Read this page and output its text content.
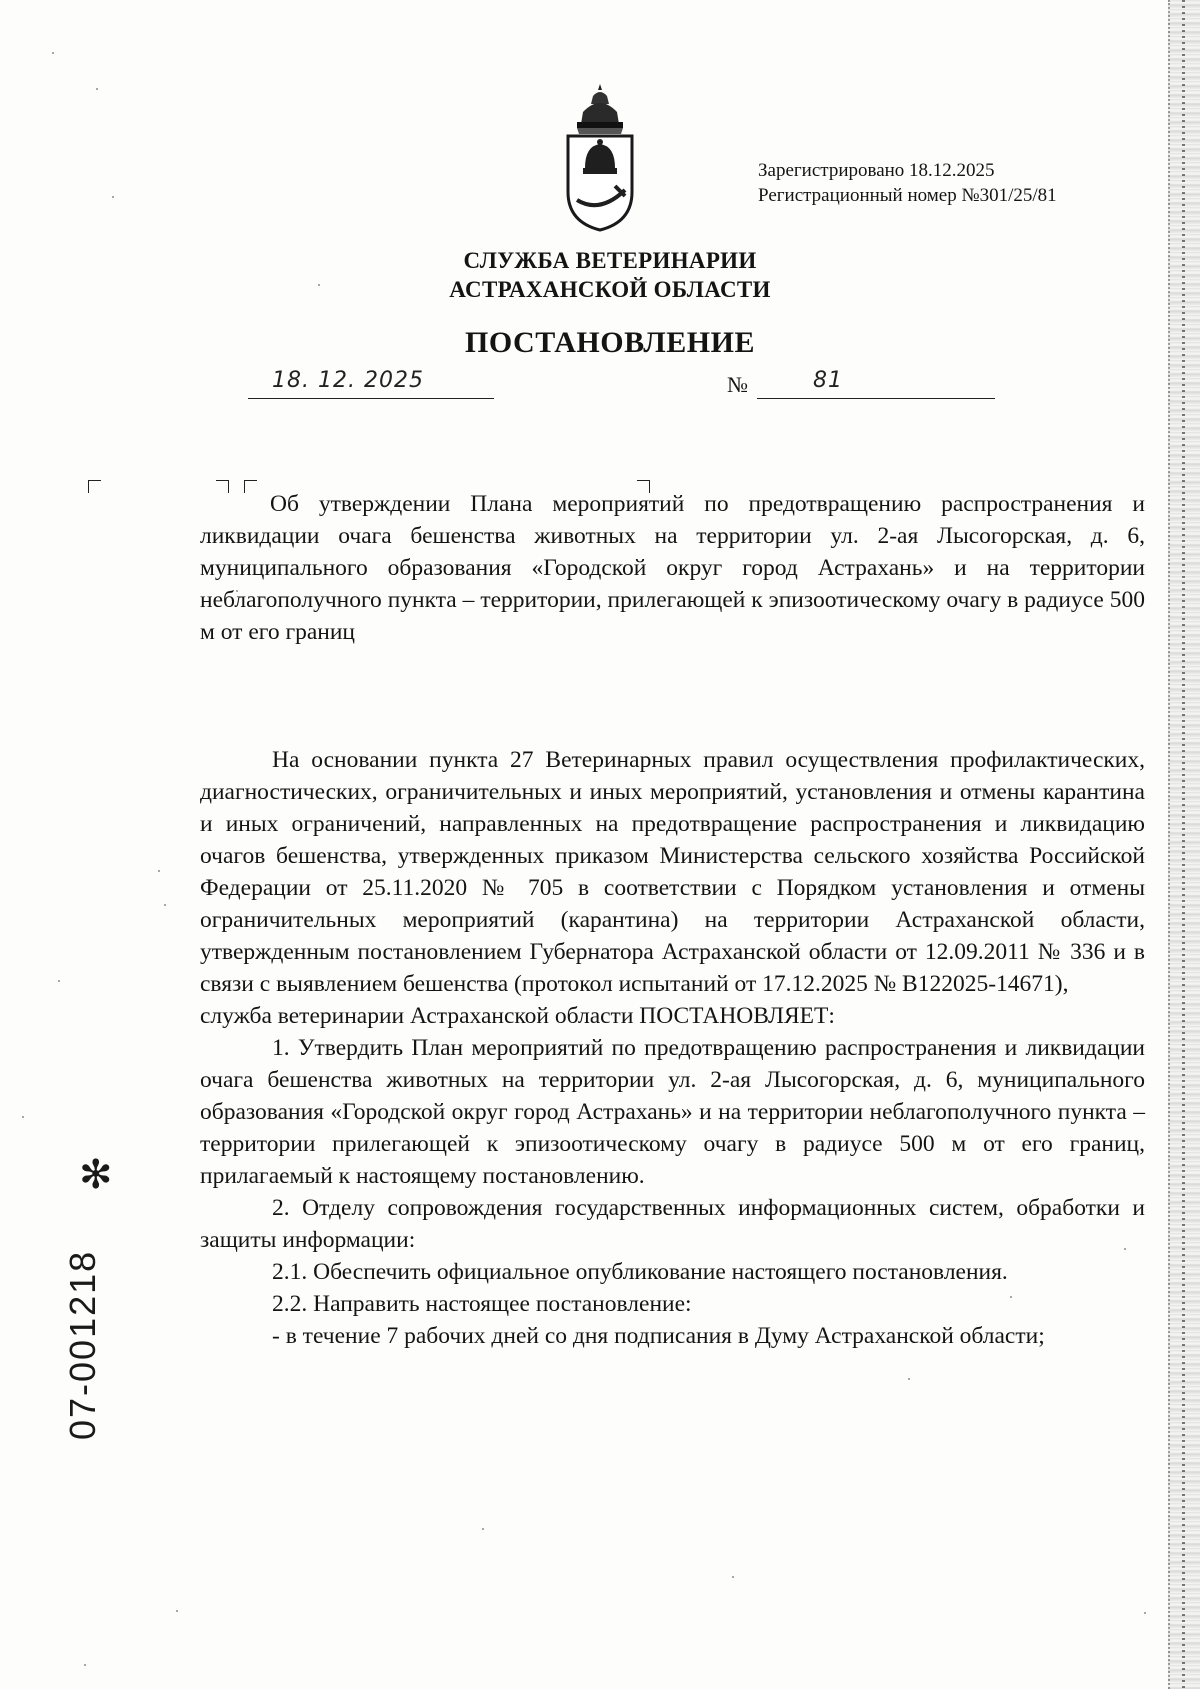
Зарегистрировано 18.12.2025
Регистрационный номер №301/25/81
СЛУЖБА ВЕТЕРИНАРИИ
АСТРАХАНСКОЙ ОБЛАСТИ
ПОСТАНОВЛЕНИЕ
18. 12. 2025	№	81
Об утверждении Плана мероприятий по предотвращению распространения и ликвидации очага бешенства животных на территории ул. 2-ая Лысогорская, д. 6, муниципального образования «Городской округ город Астрахань» и на территории неблагополучного пункта – территории, прилегающей к эпизоотическому очагу в радиусе 500 м от его границ

На основании пункта 27 Ветеринарных правил осуществления профилактических, диагностических, ограничительных и иных мероприятий, установления и отмены карантина и иных ограничений, направленных на предотвращение распространения и ликвидацию очагов бешенства, утвержденных приказом Министерства сельского хозяйства Российской Федерации от 25.11.2020 № 705 в соответствии с Порядком установления и отмены ограничительных мероприятий (карантина) на территории Астраханской области, утвержденным постановлением Губернатора Астраханской области от 12.09.2011 № 336 и в связи с выявлением бешенства (протокол испытаний от 17.12.2025 № В122025-14671),

служба ветеринарии Астраханской области ПОСТАНОВЛЯЕТ:

1. Утвердить План мероприятий по предотвращению распространения и ликвидации очага бешенства животных на территории ул. 2-ая Лысогорская, д. 6, муниципального образования «Городской округ город Астрахань» и на территории неблагополучного пункта – территории прилегающей к эпизоотическому очагу в радиусе 500 м от его границ, прилагаемый к настоящему постановлению.

2. Отделу сопровождения государственных информационных систем, обработки и защиты информации:

2.1. Обеспечить официальное опубликование настоящего постановления.

2.2. Направить настоящее постановление:

- в течение 7 рабочих дней со дня подписания в Думу Астраханской области;

✻
07-001218
